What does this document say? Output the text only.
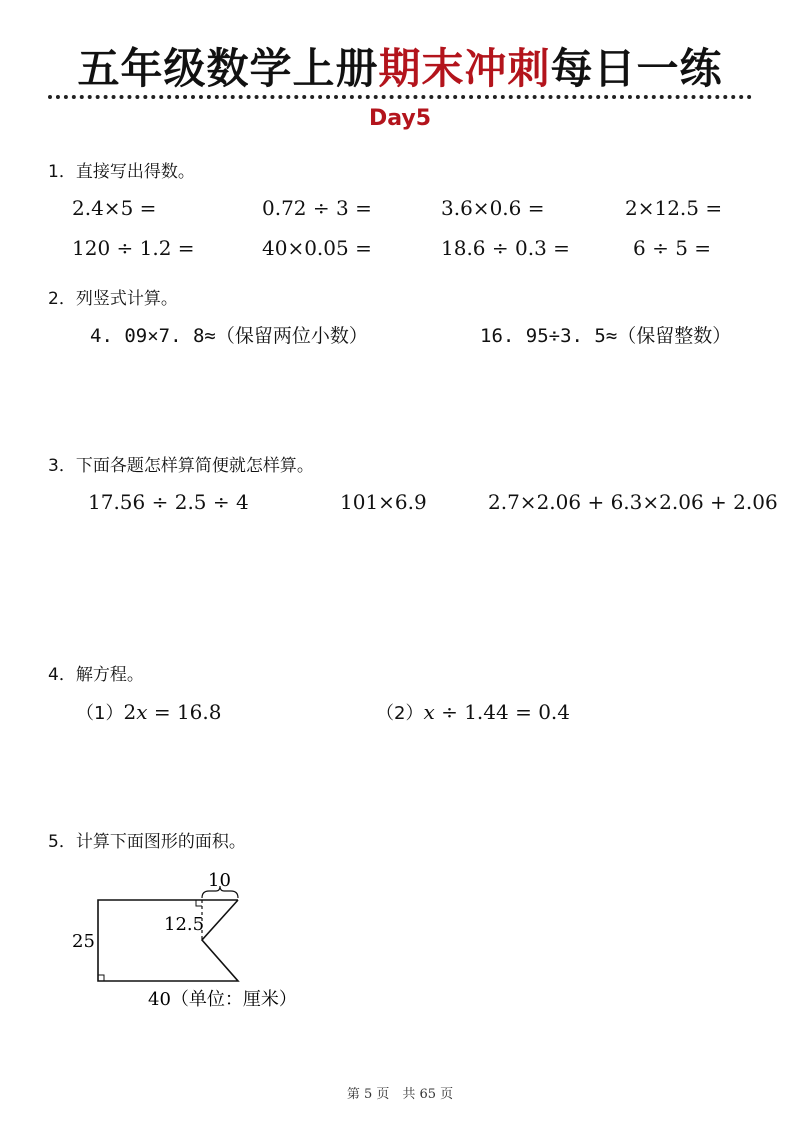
五年级数学上册期末冲刺每日一练
Day5
1．直接写出得数。
2.4×5 =	0.72 ÷ 3 =	3.6×0.6 =	2×12.5 =
120 ÷ 1.2 =	40×0.05 =	18.6 ÷ 0.3 =	6 ÷ 5 =
2．列竖式计算。
4. 09×7. 8≈（保留两位小数）	16. 95÷3. 5≈（保留整数）
3．下面各题怎样算简便就怎样算。
17.56 ÷ 2.5 ÷ 4	101×6.9	2.7×2.06 + 6.3×2.06 + 2.06
4．解方程。
（1）2x = 16.8	（2）x ÷ 1.44 = 0.4
5．计算下面图形的面积。
10
12.5
25
40（单位：厘米）
第 5 页　共 65 页
